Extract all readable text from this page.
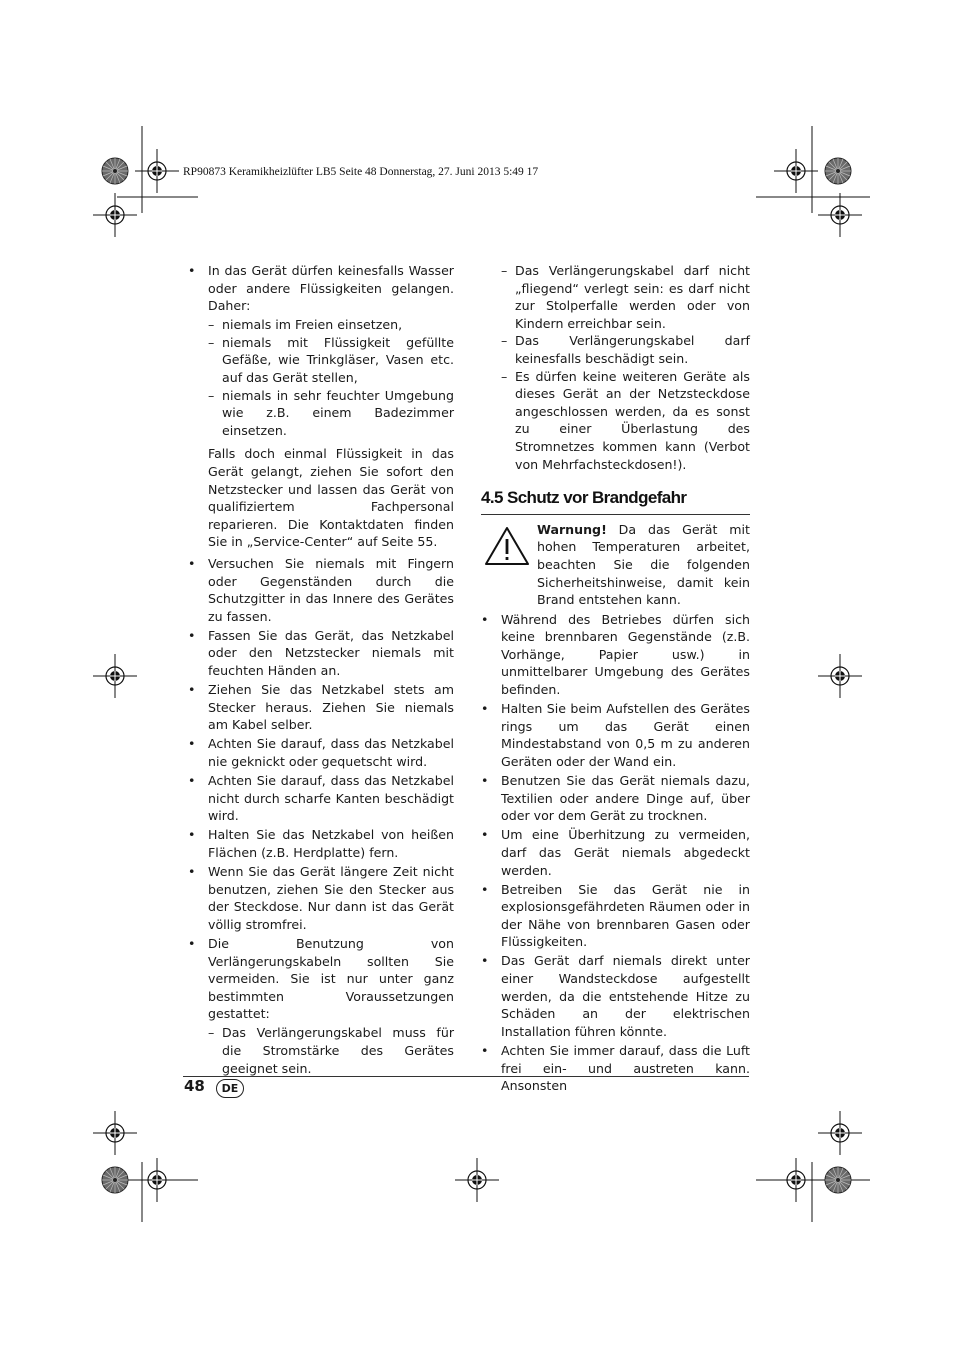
RP90873 Keramikheizlüfter LB5 Seite 48 Donnerstag, 27. Juni 2013 5:49 17
• In das Gerät dürfen keinesfalls Wasser oder andere Flüssigkeiten gelangen. Daher:
– niemals im Freien einsetzen,
– niemals mit Flüssigkeit gefüllte Gefäße, wie Trinkgläser, Vasen etc. auf das Gerät stellen,
– niemals in sehr feuchter Umgebung wie z.B. einem Badezimmer einsetzen.
Falls doch einmal Flüssigkeit in das Gerät gelangt, ziehen Sie sofort den Netzstecker und lassen das Gerät von qualifiziertem Fachpersonal reparieren. Die Kontaktdaten finden Sie in „Service-Center“ auf Seite 55.
• Versuchen Sie niemals mit Fingern oder Gegenständen durch die Schutzgitter in das Innere des Gerätes zu fassen.
• Fassen Sie das Gerät, das Netzkabel oder den Netzstecker niemals mit feuchten Händen an.
• Ziehen Sie das Netzkabel stets am Stecker heraus. Ziehen Sie niemals am Kabel selber.
• Achten Sie darauf, dass das Netzkabel nie geknickt oder gequetscht wird.
• Achten Sie darauf, dass das Netzkabel nicht durch scharfe Kanten beschädigt wird.
• Halten Sie das Netzkabel von heißen Flächen (z.B. Herdplatte) fern.
• Wenn Sie das Gerät längere Zeit nicht benutzen, ziehen Sie den Stecker aus der Steckdose. Nur dann ist das Gerät völlig stromfrei.
• Die Benutzung von Verlängerungskabeln sollten Sie vermeiden. Sie ist nur unter ganz bestimmten Voraussetzungen gestattet:
– Das Verlängerungskabel muss für die Stromstärke des Gerätes geeignet sein.
– Das Verlängerungskabel darf nicht „fliegend“ verlegt sein: es darf nicht zur Stolperfalle werden oder von Kindern erreichbar sein.
– Das Verlängerungskabel darf keinesfalls beschädigt sein.
– Es dürfen keine weiteren Geräte als dieses Gerät an der Netzsteckdose angeschlossen werden, da es sonst zu einer Überlastung des Stromnetzes kommen kann (Verbot von Mehrfachsteckdosen!).
4.5 Schutz vor Brandgefahr
Warnung! Da das Gerät mit hohen Temperaturen arbeitet, beachten Sie die folgenden Sicherheitshinweise, damit kein Brand entstehen kann.
• Während des Betriebes dürfen sich keine brennbaren Gegenstände (z.B. Vorhänge, Papier usw.) in unmittelbarer Umgebung des Gerätes befinden.
• Halten Sie beim Aufstellen des Gerätes rings um das Gerät einen Mindestabstand von 0,5 m zu anderen Geräten oder der Wand ein.
• Benutzen Sie das Gerät niemals dazu, Textilien oder andere Dinge auf, über oder vor dem Gerät zu trocknen.
• Um eine Überhitzung zu vermeiden, darf das Gerät niemals abgedeckt werden.
• Betreiben Sie das Gerät nie in explosionsgefährdeten Räumen oder in der Nähe von brennbaren Gasen oder Flüssigkeiten.
• Das Gerät darf niemals direkt unter einer Wandsteckdose aufgestellt werden, da die entstehende Hitze zu Schäden an der elektrischen Installation führen könnte.
• Achten Sie immer darauf, dass die Luft frei ein- und austreten kann. Ansonsten
48	DE
